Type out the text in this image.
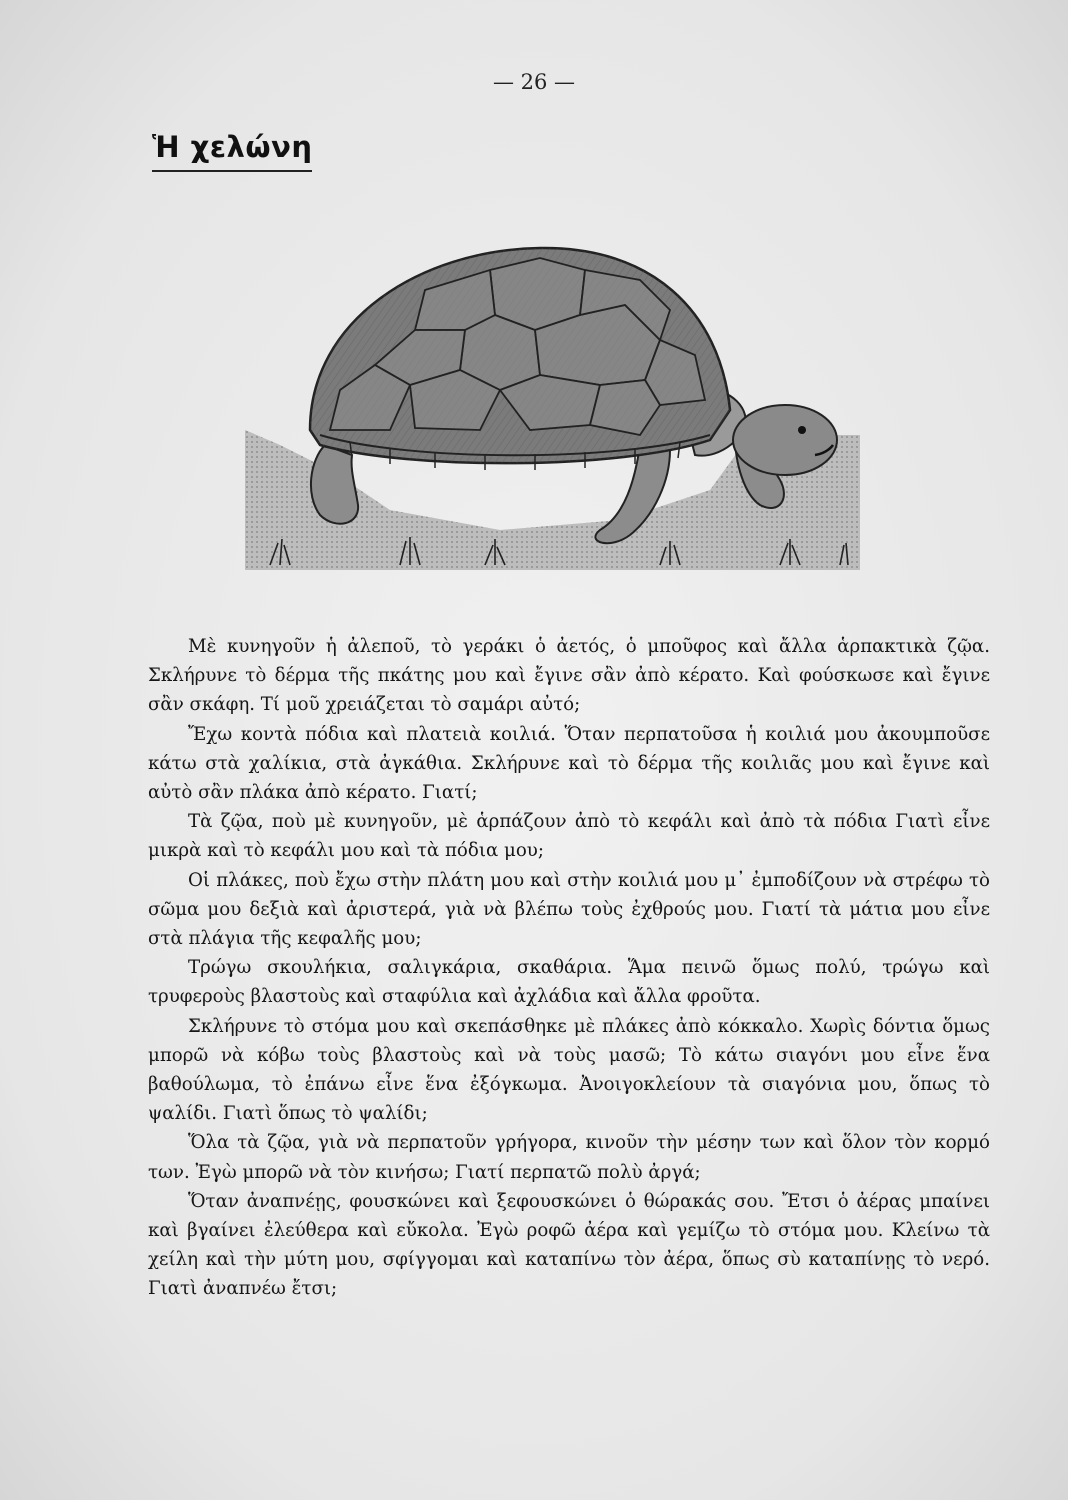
— 26 —
Ἡ χελώνη

Μὲ κυνηγοῦν ἡ ἀλεποῦ, τὸ γεράκι ὁ ἀετός, ὁ μποῦφος καὶ ἄλλα ἁρπακτικὰ ζῷα. Σκλήρυνε τὸ δέρμα τῆς πκάτης μου καὶ ἔγινε σἂν ἀπὸ κέρατο. Καὶ φούσκωσε καὶ ἔγινε σἂν σκάφη. Τί μοῦ χρειάζεται τὸ σαμάρι αὐτό;

Ἔχω κοντὰ πόδια καὶ πλατειὰ κοιλιά. Ὅταν περπατοῦσα ἡ κοιλιά μου ἀκουμποῦσε κάτω στὰ χαλίκια, στὰ ἀγκάθια. Σκλήρυνε καὶ τὸ δέρμα τῆς κοιλιᾶς μου καὶ ἔγινε καὶ αὐτὸ σἂν πλάκα ἀπὸ κέρατο. Γιατί;

Τὰ ζῷα, ποὺ μὲ κυνηγοῦν, μὲ ἁρπάζουν ἀπὸ τὸ κεφάλι καὶ ἀπὸ τὰ πόδια Γιατὶ εἶνε μικρὰ καὶ τὸ κεφάλι μου καὶ τὰ πόδια μου;

Οἱ πλάκες, ποὺ ἔχω στὴν πλάτη μου καὶ στὴν κοιλιά μου μ᾽ ἐμποδίζουν νὰ στρέφω τὸ σῶμα μου δεξιὰ καὶ ἀριστερά, γιὰ νὰ βλέπω τοὺς ἐχθρούς μου. Γιατί τὰ μάτια μου εἶνε στὰ πλάγια τῆς κεφαλῆς μου;

Τρώγω σκουλήκια, σαλιγκάρια, σκαθάρια. Ἅμα πεινῶ ὅμως πολύ, τρώγω καὶ τρυφεροὺς βλαστοὺς καὶ σταφύλια καὶ ἀχλάδια καὶ ἄλλα φροῦτα.

Σκλήρυνε τὸ στόμα μου καὶ σκεπάσθηκε μὲ πλάκες ἀπὸ κόκκαλο. Χωρὶς δόντια ὅμως μπορῶ νὰ κόβω τοὺς βλαστοὺς καὶ νὰ τοὺς μασῶ; Τὸ κάτω σιαγόνι μου εἶνε ἕνα βαθούλωμα, τὸ ἐπάνω εἶνε ἕνα ἐξόγκωμα. Ἀνοιγοκλείουν τὰ σιαγόνια μου, ὅπως τὸ ψαλίδι. Γιατὶ ὅπως τὸ ψαλίδι;

Ὅλα τὰ ζῷα, γιὰ νὰ περπατοῦν γρήγορα, κινοῦν τὴν μέσην των καὶ ὅλον τὸν κορμό των. Ἐγὼ μπορῶ νὰ τὸν κινήσω; Γιατί περπατῶ πολὺ ἀργά;

Ὅταν ἀναπνέῃς, φουσκώνει καὶ ξεφουσκώνει ὁ θώρακάς σου. Ἔτσι ὁ ἀέρας μπαίνει καὶ βγαίνει ἐλεύθερα καὶ εὔκολα. Ἐγὼ ροφῶ ἀέρα καὶ γεμίζω τὸ στόμα μου. Κλείνω τὰ χείλη καὶ τὴν μύτη μου, σφίγγομαι καὶ καταπίνω τὸν ἀέρα, ὅπως σὺ καταπίνῃς τὸ νερό. Γιατὶ ἀναπνέω ἔτσι;
